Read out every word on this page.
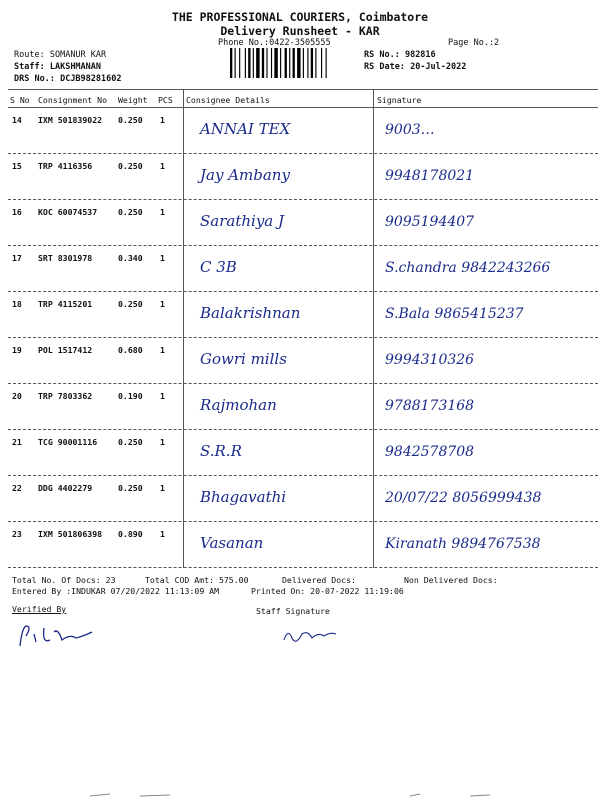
THE PROFESSIONAL COURIERS, Coimbatore
Delivery Runsheet - KAR
Phone No.:0422-3505555	Page No.:2
Route: SOMANUR KAR
Staff: LAKSHMANAN
DRS No.: DCJB98281602
RS No.: 982816
RS Date: 20-Jul-2022
S No Consignment No Weight PCS Consignee Details	Signature
14 IXM 501839022 0.250 1 ANNAI TEX	9003…
15 TRP 4116356	0.250 1 Jay Ambany	9948178021
16 KOC 60074537	0.250 1 Sarathiya J	9095194407
17 SRT 8301978	0.340 1 C 3B	S.chandra 9842243266
18 TRP 4115201	0.250 1 Balakrishnan	S.Bala 9865415237
19 POL 1517412	0.680 1 Gowri mills	9994310326
20 TRP 7803362	0.190 1 Rajmohan	9788173168
21 TCG 90001116	0.250 1 S.R.R	9842578708
22 DDG 4402279	0.250 1 Bhagavathi	20/07/22 8056999438
23 IXM 501806398 0.890 1 Vasanan	Kiranath 9894767538
Total No. Of Docs: 23	Total COD Amt: 575.00	Delivered Docs:	Non Delivered Docs:
Entered By :INDUKAR 07/20/2022 11:13:09 AM	Printed On: 20-07-2022 11:19:06
Verified By	Staff Signature
